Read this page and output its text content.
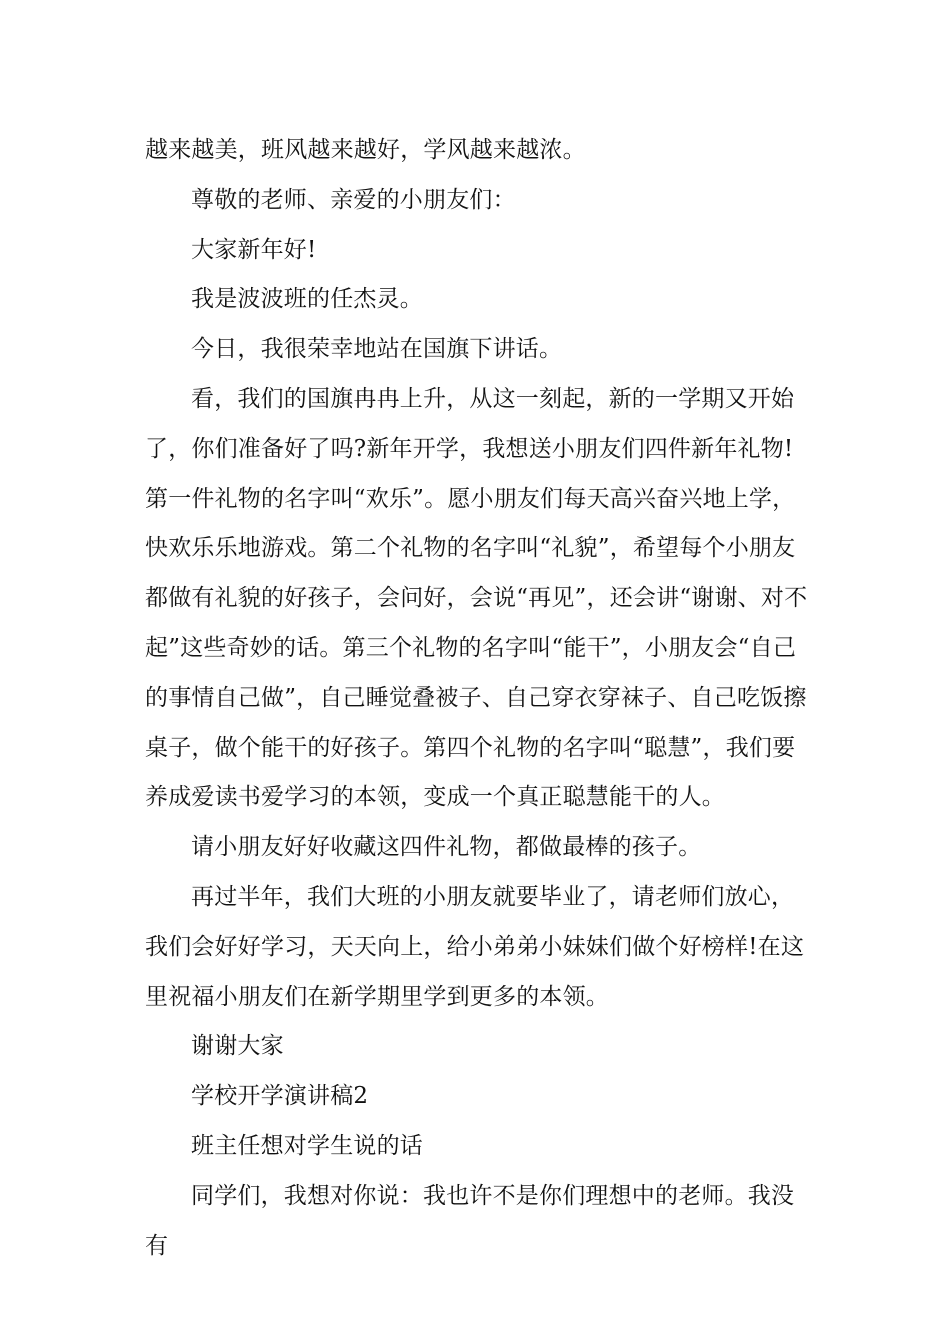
越来越美，班风越来越好，学风越来越浓。

尊敬的老师、亲爱的小朋友们：

大家新年好!

我是波波班的任杰灵。

今日，我很荣幸地站在国旗下讲话。

看，我们的国旗冉冉上升，从这一刻起，新的一学期又开始了，你们准备好了吗?新年开学，我想送小朋友们四件新年礼物!第一件礼物的名字叫“欢乐”。愿小朋友们每天高兴奋兴地上学，快欢乐乐地游戏。第二个礼物的名字叫“礼貌”，希望每个小朋友都做有礼貌的好孩子，会问好，会说“再见”，还会讲“谢谢、对不起”这些奇妙的话。第三个礼物的名字叫“能干”，小朋友会“自己的事情自己做”，自己睡觉叠被子、自己穿衣穿袜子、自己吃饭擦桌子，做个能干的好孩子。第四个礼物的名字叫“聪慧”，我们要养成爱读书爱学习的本领，变成一个真正聪慧能干的人。

请小朋友好好收藏这四件礼物，都做最棒的孩子。

再过半年，我们大班的小朋友就要毕业了，请老师们放心，我们会好好学习，天天向上，给小弟弟小妹妹们做个好榜样!在这里祝福小朋友们在新学期里学到更多的本领。

谢谢大家

学校开学演讲稿2

班主任想对学生说的话

同学们，我想对你说：我也许不是你们理想中的老师。我没有
